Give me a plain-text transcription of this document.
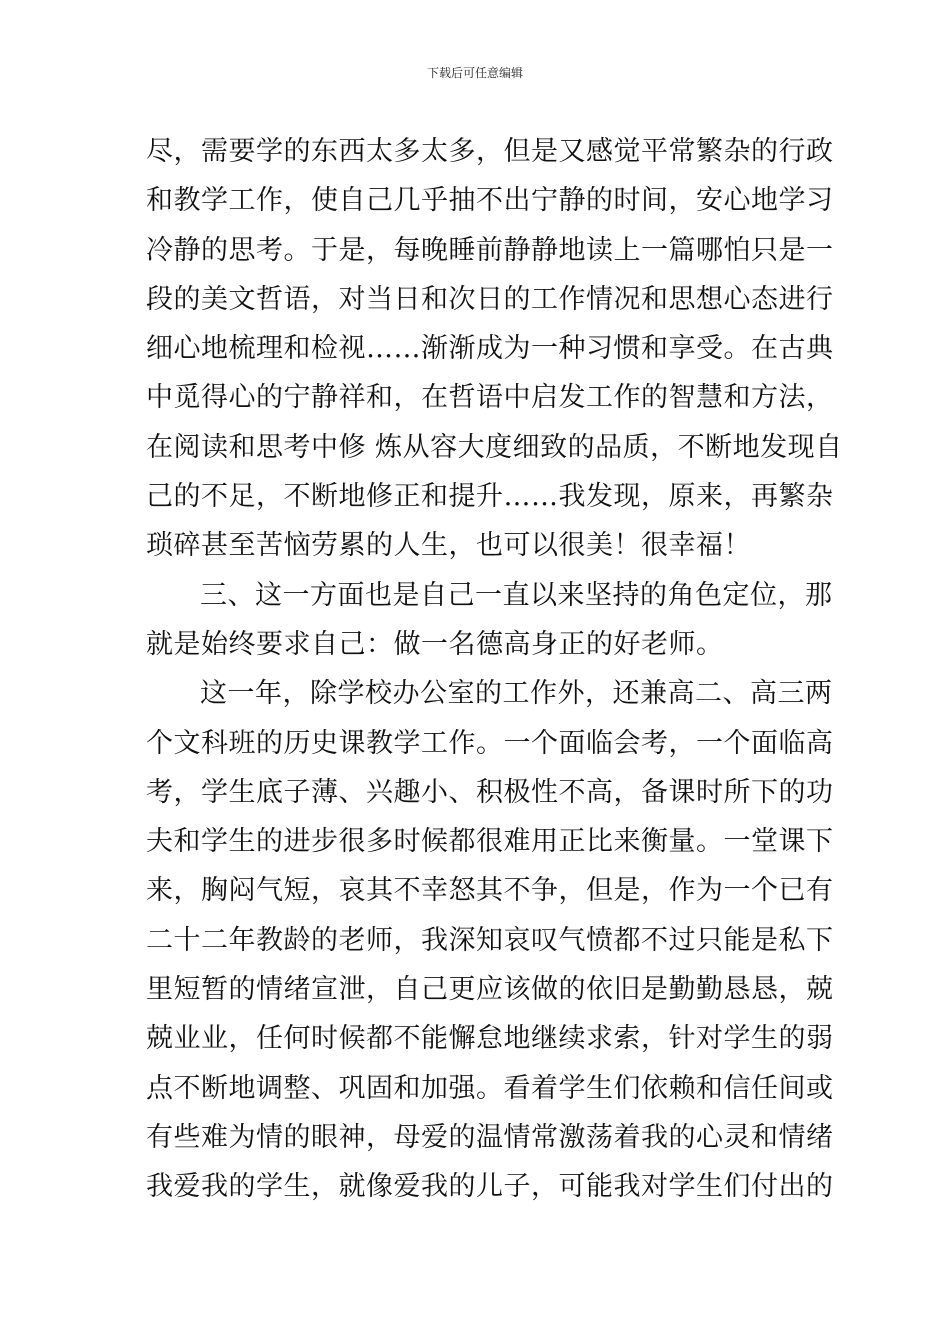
下载后可任意编辑
尽，需要学的东西太多太多，但是又感觉平常繁杂的行政
和教学工作，使自己几乎抽不出宁静的时间，安心地学习
冷静的思考。于是，每晚睡前静静地读上一篇哪怕只是一
段的美文哲语，对当日和次日的工作情况和思想心态进行
细心地梳理和检视……渐渐成为一种习惯和享受。在古典
中觅得心的宁静祥和，在哲语中启发工作的智慧和方法，
在阅读和思考中修 炼从容大度细致的品质，不断地发现自
己的不足，不断地修正和提升……我发现，原来，再繁杂
琐碎甚至苦恼劳累的人生，也可以很美！很幸福！
三、这一方面也是自己一直以来坚持的角色定位，那
就是始终要求自己：做一名德高身正的好老师。
这一年，除学校办公室的工作外，还兼高二、高三两
个文科班的历史课教学工作。一个面临会考，一个面临高
考，学生底子薄、兴趣小、积极性不高，备课时所下的功
夫和学生的进步很多时候都很难用正比来衡量。一堂课下
来，胸闷气短，哀其不幸怒其不争，但是，作为一个已有
二十二年教龄的老师，我深知哀叹气愤都不过只能是私下
里短暂的情绪宣泄，自己更应该做的依旧是勤勤恳恳，兢
兢业业，任何时候都不能懈怠地继续求索，针对学生的弱
点不断地调整、巩固和加强。看着学生们依赖和信任间或
有些难为情的眼神，母爱的温情常激荡着我的心灵和情绪
我爱我的学生，就像爱我的儿子，可能我对学生们付出的
